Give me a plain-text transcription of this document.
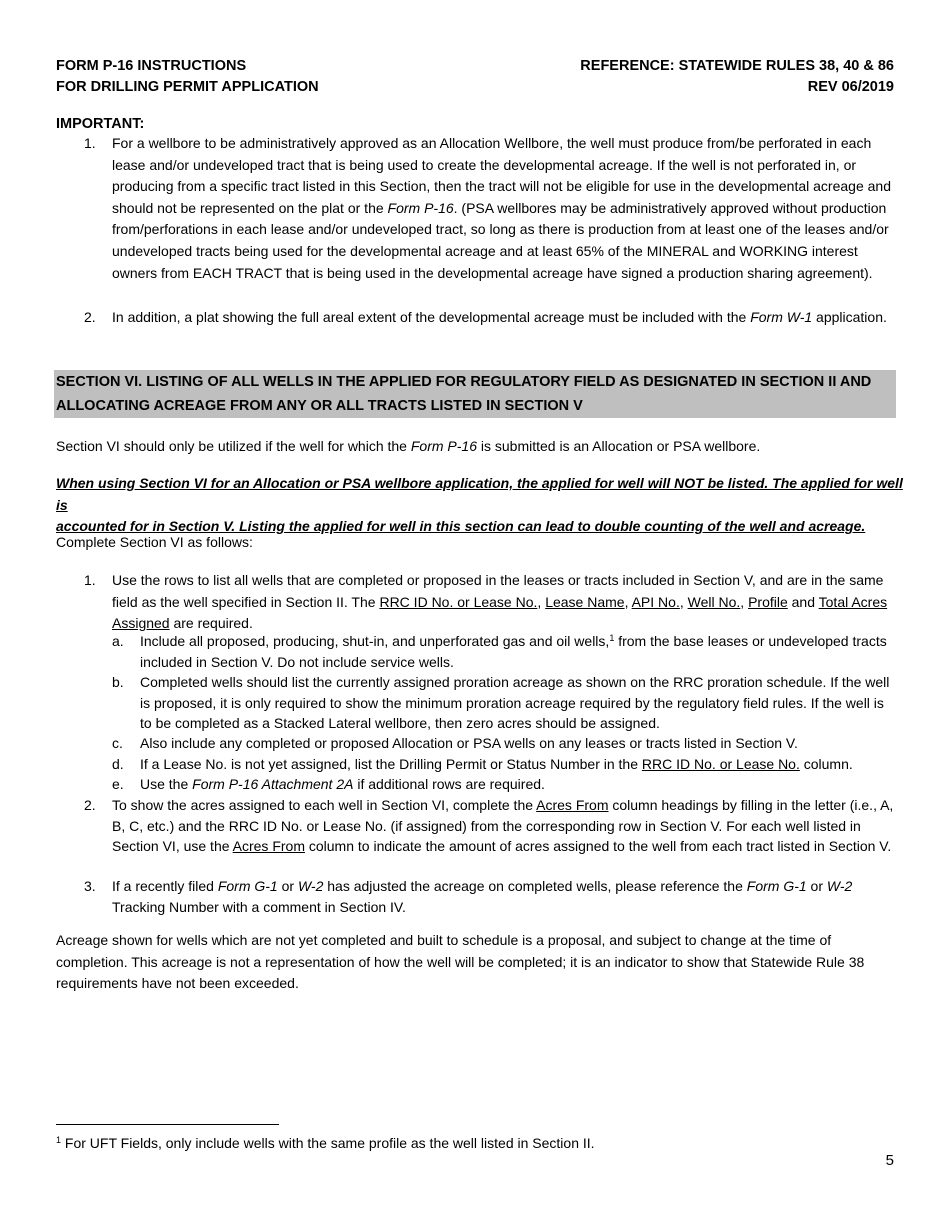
FORM P-16 INSTRUCTIONS
FOR DRILLING PERMIT APPLICATION
REFERENCE: STATEWIDE RULES 38, 40 & 86
REV 06/2019
IMPORTANT:
1. For a wellbore to be administratively approved as an Allocation Wellbore, the well must produce from/be perforated in each lease and/or undeveloped tract that is being used to create the developmental acreage. If the well is not perforated in, or producing from a specific tract listed in this Section, then the tract will not be eligible for use in the developmental acreage and should not be represented on the plat or the Form P-16. (PSA wellbores may be administratively approved without production from/perforations in each lease and/or undeveloped tract, so long as there is production from at least one of the leases and/or undeveloped tracts being used for the developmental acreage and at least 65% of the MINERAL and WORKING interest owners from EACH TRACT that is being used in the developmental acreage have signed a production sharing agreement).
2. In addition, a plat showing the full areal extent of the developmental acreage must be included with the Form W-1 application.
SECTION VI. LISTING OF ALL WELLS IN THE APPLIED FOR REGULATORY FIELD AS DESIGNATED IN SECTION II AND
ALLOCATING ACREAGE FROM ANY OR ALL TRACTS LISTED IN SECTION V
Section VI should only be utilized if the well for which the Form P-16 is submitted is an Allocation or PSA wellbore.
When using Section VI for an Allocation or PSA wellbore application, the applied for well will NOT be listed. The applied for well is
accounted for in Section V. Listing the applied for well in this section can lead to double counting of the well and acreage.
Complete Section VI as follows:
1. Use the rows to list all wells that are completed or proposed in the leases or tracts included in Section V, and are in the same field as the well specified in Section II. The RRC ID No. or Lease No., Lease Name, API No., Well No., Profile and Total Acres Assigned are required.
a. Include all proposed, producing, shut-in, and unperforated gas and oil wells,$^1$ from the base leases or undeveloped tracts included in Section V. Do not include service wells.
b. Completed wells should list the currently assigned proration acreage as shown on the RRC proration schedule. If the well is proposed, it is only required to show the minimum proration acreage required by the regulatory field rules. If the well is to be completed as a Stacked Lateral wellbore, then zero acres should be assigned.
c. Also include any completed or proposed Allocation or PSA wells on any leases or tracts listed in Section V.
d. If a Lease No. is not yet assigned, list the Drilling Permit or Status Number in the RRC ID No. or Lease No. column.
e. Use the Form P-16 Attachment 2A if additional rows are required.
2. To show the acres assigned to each well in Section VI, complete the Acres From column headings by filling in the letter (i.e., A, B, C, etc.) and the RRC ID No. or Lease No. (if assigned) from the corresponding row in Section V. For each well listed in Section VI, use the Acres From column to indicate the amount of acres assigned to the well from each tract listed in Section V.
3. If a recently filed Form G-1 or W-2 has adjusted the acreage on completed wells, please reference the Form G-1 or W-2 Tracking Number with a comment in Section IV.
Acreage shown for wells which are not yet completed and built to schedule is a proposal, and subject to change at the time of completion. This acreage is not a representation of how the well will be completed; it is an indicator to show that Statewide Rule 38 requirements have not been exceeded.
$^1$ For UFT Fields, only include wells with the same profile as the well listed in Section II.
5
